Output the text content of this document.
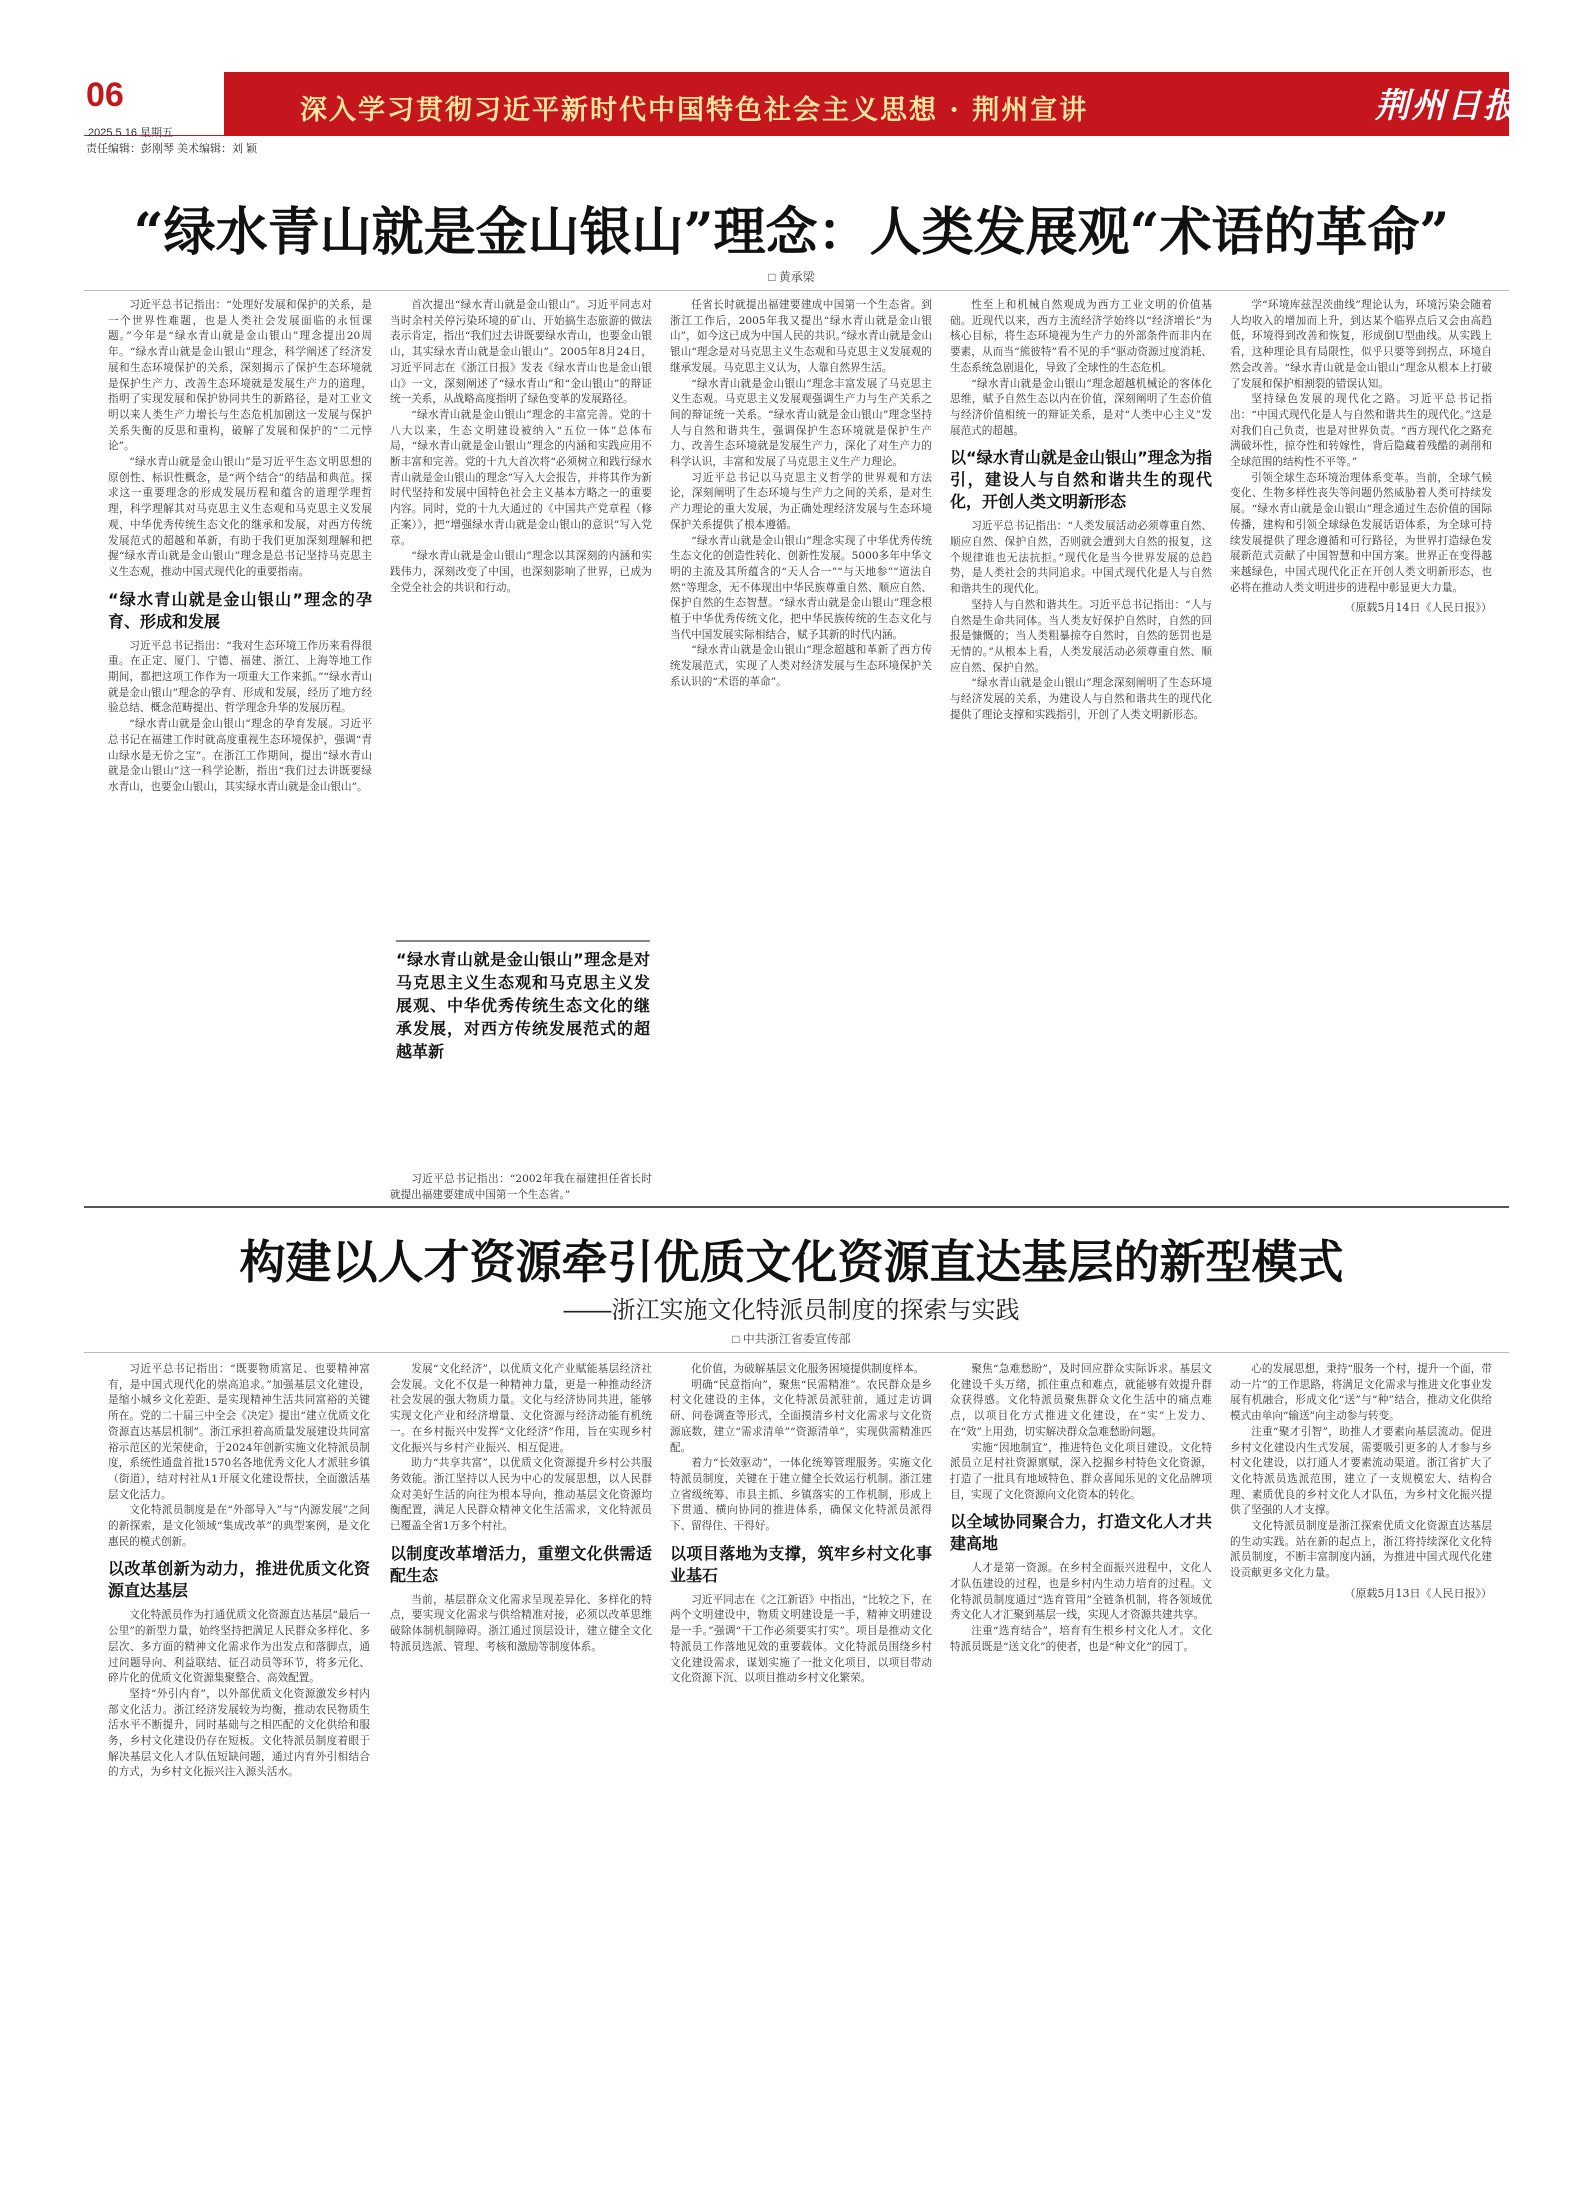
06
2025.5.16 星期五
深入学习贯彻习近平新时代中国特色社会主义思想 · 荆州宣讲	荆州日报
责任编辑：彭刚琴 美术编辑：刘 颖
“绿水青山就是金山银山”理念：人类发展观“术语的革命”
□ 黄承梁

习近平总书记指出：“处理好发展和保护的关系，是一个世界性难题，也是人类社会发展面临的永恒课题。”今年是“绿水青山就是金山银山”理念提出20周年。“绿水青山就是金山银山”理念，科学阐述了经济发展和生态环境保护的关系，深刻揭示了保护生态环境就是保护生产力、改善生态环境就是发展生产力的道理，指明了实现发展和保护协同共生的新路径，是对工业文明以来人类生产力增长与生态危机加剧这一发展与保护关系失衡的反思和重构，破解了发展和保护的“二元悖论”。

“绿水青山就是金山银山”是习近平生态文明思想的原创性、标识性概念，是“两个结合”的结晶和典范。探求这一重要理念的形成发展历程和蕴含的道理学理哲理，科学理解其对马克思主义生态观和马克思主义发展观、中华优秀传统生态文化的继承和发展，对西方传统发展范式的超越和革新，有助于我们更加深刻理解和把握“绿水青山就是金山银山”理念是总书记坚持马克思主义生态观，推动中国式现代化的重要指南。

“绿水青山就是金山银山”理念的孕育、形成和发展

习近平总书记指出：“我对生态环境工作历来看得很重。在正定、厦门、宁德、福建、浙江、上海等地工作期间，都把这项工作作为一项重大工作来抓。”“绿水青山就是金山银山”理念的孕育、形成和发展，经历了地方经验总结、概念范畴提出、哲学理念升华的发展历程。

“绿水青山就是金山银山”理念的孕育发展。习近平总书记在福建工作时就高度重视生态环境保护，强调“青山绿水是无价之宝”。在浙江工作期间，提出“绿水青山就是金山银山”这一科学论断，指出“我们过去讲既要绿水青山，也要金山银山，其实绿水青山就是金山银山”。

首次提出“绿水青山就是金山银山”。习近平同志对当时余村关停污染环境的矿山、开始搞生态旅游的做法表示肯定，指出“我们过去讲既要绿水青山，也要金山银山，其实绿水青山就是金山银山”。2005年8月24日，习近平同志在《浙江日报》发表《绿水青山也是金山银山》一文，深刻阐述了“绿水青山”和“金山银山”的辩证统一关系，从战略高度指明了绿色变革的发展路径。

“绿水青山就是金山银山”理念的丰富完善。党的十八大以来，生态文明建设被纳入“五位一体”总体布局，“绿水青山就是金山银山”理念的内涵和实践应用不断丰富和完善。党的十九大首次将“必须树立和践行绿水青山就是金山银山的理念”写入大会报告，并将其作为新时代坚持和发展中国特色社会主义基本方略之一的重要内容。同时，党的十九大通过的《中国共产党章程（修正案）》，把“增强绿水青山就是金山银山的意识”写入党章。

“绿水青山就是金山银山”理念以其深刻的内涵和实践伟力，深刻改变了中国，也深刻影响了世界，已成为全党全社会的共识和行动。

“绿水青山就是金山银山”理念是对马克思主义生态观和马克思主义发展观、中华优秀传统生态文化的继承发展，对西方传统发展范式的超越革新

习近平总书记指出：“2002年我在福建担任省长时就提出福建要建成中国第一个生态省。”

任省长时就提出福建要建成中国第一个生态省。到浙江工作后，2005年我又提出“绿水青山就是金山银山”，如今这已成为中国人民的共识。”绿水青山就是金山银山“理念是对马克思主义生态观和马克思主义发展观的继承发展。马克思主义认为，人靠自然界生活。

“绿水青山就是金山银山”理念丰富发展了马克思主义生态观。马克思主义发展观强调生产力与生产关系之间的辩证统一关系。“绿水青山就是金山银山”理念坚持人与自然和谐共生，强调保护生态环境就是保护生产力、改善生态环境就是发展生产力，深化了对生产力的科学认识，丰富和发展了马克思主义生产力理论。

习近平总书记以马克思主义哲学的世界观和方法论，深刻阐明了生态环境与生产力之间的关系，是对生产力理论的重大发展，为正确处理经济发展与生态环境保护关系提供了根本遵循。

“绿水青山就是金山银山”理念实现了中华优秀传统生态文化的创造性转化、创新性发展。5000多年中华文明的主流及其所蕴含的“天人合一”“与天地参”“道法自然”等理念，无不体现出中华民族尊重自然、顺应自然、保护自然的生态智慧。“绿水青山就是金山银山”理念根植于中华优秀传统文化，把中华民族传统的生态文化与当代中国发展实际相结合，赋予其新的时代内涵。

“绿水青山就是金山银山”理念超越和革新了西方传统发展范式，实现了人类对经济发展与生态环境保护关系认识的“术语的革命”。

性至上和机械自然观成为西方工业文明的价值基础。近现代以来，西方主流经济学始终以“经济增长”为核心目标，将生态环境视为生产力的外部条件而非内在要素，从而当“熊彼特”看不见的手”驱动资源过度消耗、生态系统急剧退化，导致了全球性的生态危机。

“绿水青山就是金山银山”理念超越机械论的客体化思维，赋予自然生态以内在价值，深刻阐明了生态价值与经济价值相统一的辩证关系，是对“人类中心主义”发展范式的超越。

以“绿水青山就是金山银山”理念为指引，建设人与自然和谐共生的现代化，开创人类文明新形态

习近平总书记指出：“人类发展活动必须尊重自然、顺应自然、保护自然，否则就会遭到大自然的报复，这个规律谁也无法抗拒。”现代化是当今世界发展的总趋势，是人类社会的共同追求。中国式现代化是人与自然和谐共生的现代化。

坚持人与自然和谐共生。习近平总书记指出：“人与自然是生命共同体。当人类友好保护自然时，自然的回报是慷慨的；当人类粗暴掠夺自然时，自然的惩罚也是无情的。”从根本上看，人类发展活动必须尊重自然、顺应自然、保护自然。

“绿水青山就是金山银山”理念深刻阐明了生态环境与经济发展的关系，为建设人与自然和谐共生的现代化提供了理论支撑和实践指引，开创了人类文明新形态。

学“环境库兹涅茨曲线”理论认为，环境污染会随着人均收入的增加而上升，到达某个临界点后又会由高趋低，环境得到改善和恢复，形成倒U型曲线。从实践上看，这种理论具有局限性，似乎只要等到拐点，环境自然会改善。“绿水青山就是金山银山”理念从根本上打破了发展和保护相割裂的错误认知。

坚持绿色发展的现代化之路。习近平总书记指出：“中国式现代化是人与自然和谐共生的现代化。”这是对我们自己负责，也是对世界负责。“西方现代化之路充满破坏性，掠夺性和转嫁性，背后隐藏着残酷的剥削和全球范围的结构性不平等。”

引领全球生态环境治理体系变革。当前，全球气候变化、生物多样性丧失等问题仍然威胁着人类可持续发展。“绿水青山就是金山银山”理念通过生态价值的国际传播，建构和引领全球绿色发展话语体系，为全球可持续发展提供了理念遵循和可行路径，为世界打造绿色发展新范式贡献了中国智慧和中国方案。世界正在变得越来越绿色，中国式现代化正在开创人类文明新形态，也必将在推动人类文明进步的进程中彰显更大力量。

（原载5月14日《人民日报》）

构建以人才资源牵引优质文化资源直达基层的新型模式
——浙江实施文化特派员制度的探索与实践
□ 中共浙江省委宣传部

习近平总书记指出：“既要物质富足、也要精神富有，是中国式现代化的崇高追求。”加强基层文化建设，是缩小城乡文化差距、是实现精神生活共同富裕的关键所在。党的二十届三中全会《决定》提出“建立优质文化资源直达基层机制”。浙江承担着高质量发展建设共同富裕示范区的光荣使命，于2024年创新实施文化特派员制度，系统性通盘首批1570名各地优秀文化人才派驻乡镇（街道），结对村社从1开展文化建设帮扶，全面激活基层文化活力。

文化特派员制度是在“外部导入”与“内源发展”之间的新探索，是文化领域“集成改革”的典型案例，是文化惠民的模式创新。

以改革创新为动力，推进优质文化资源直达基层

文化特派员作为打通优质文化资源直达基层“最后一公里”的新型力量，始终坚持把满足人民群众多样化、多层次、多方面的精神文化需求作为出发点和落脚点，通过问题导向、利益联结、征召动员等环节，将多元化、碎片化的优质文化资源集聚整合、高效配置。

坚持“外引内育”，以外部优质文化资源激发乡村内部文化活力。浙江经济发展较为均衡，推动农民物质生活水平不断提升，同时基础与之相匹配的文化供给和服务，乡村文化建设仍存在短板。文化特派员制度着眼于解决基层文化人才队伍短缺问题，通过内育外引相结合的方式，为乡村文化振兴注入源头活水。

发展“文化经济”，以优质文化产业赋能基层经济社会发展。文化不仅是一种精神力量，更是一种推动经济社会发展的强大物质力量。文化与经济协同共进，能够实现文化产业和经济增量、文化资源与经济动能有机统一。在乡村振兴中发挥“文化经济”作用，旨在实现乡村文化振兴与乡村产业振兴、相互促进。

助力“共享共富”，以优质文化资源提升乡村公共服务效能。浙江坚持以人民为中心的发展思想，以人民群众对美好生活的向往为根本导向，推动基层文化资源均衡配置，满足人民群众精神文化生活需求，文化特派员已覆盖全省1万多个村社。

以制度改革增活力，重塑文化供需适配生态

当前，基层群众文化需求呈现差异化、多样化的特点，要实现文化需求与供给精准对接，必须以改革思维破除体制机制障碍。浙江通过顶层设计，建立健全文化特派员选派、管理、考核和激励等制度体系。

化价值，为破解基层文化服务困境提供制度样本。

明确“民意指向”，聚焦“民需精准”。农民群众是乡村文化建设的主体，文化特派员派驻前，通过走访调研、问卷调查等形式，全面摸清乡村文化需求与文化资源底数，建立“需求清单”“资源清单”，实现供需精准匹配。

着力“长效驱动”，一体化统筹管理服务。实施文化特派员制度，关键在于建立健全长效运行机制。浙江建立省级统筹、市县主抓、乡镇落实的工作机制，形成上下贯通、横向协同的推进体系，确保文化特派员派得下、留得住、干得好。

以项目落地为支撑，筑牢乡村文化事业基石

习近平同志在《之江新语》中指出，“比较之下，在两个文明建设中，物质文明建设是一手，精神文明建设是一手。”强调“干工作必须要实打实”。项目是推动文化特派员工作落地见效的重要载体。文化特派员围绕乡村文化建设需求，谋划实施了一批文化项目，以项目带动文化资源下沉、以项目推动乡村文化繁荣。

聚焦“急难愁盼”，及时回应群众实际诉求。基层文化建设千头万绪，抓住重点和难点，就能够有效提升群众获得感。文化特派员聚焦群众文化生活中的痛点难点，以项目化方式推进文化建设，在“实”上发力、在“效”上用劲，切实解决群众急难愁盼问题。

实施“因地制宜”，推进特色文化项目建设。文化特派员立足村社资源禀赋，深入挖掘乡村特色文化资源，打造了一批具有地域特色、群众喜闻乐见的文化品牌项目，实现了文化资源向文化资本的转化。

以全域协同聚合力，打造文化人才共建高地

人才是第一资源。在乡村全面振兴进程中，文化人才队伍建设的过程，也是乡村内生动力培育的过程。文化特派员制度通过“选育管用”全链条机制，将各领域优秀文化人才汇聚到基层一线，实现人才资源共建共享。

注重“选育结合”，培育有生根乡村文化人才。文化特派员既是“送文化”的使者，也是“种文化”的园丁。

心的发展思想，秉持“服务一个村，提升一个面，带动一片”的工作思路，将满足文化需求与推进文化事业发展有机融合，形成文化“送”与“种”结合，推动文化供给模式由单向“输送”向主动参与转变。

注重“聚才引智”，助推人才要素向基层流动。促进乡村文化建设内生式发展，需要吸引更多的人才参与乡村文化建设，以打通人才要素流动渠道。浙江省扩大了文化特派员选派范围，建立了一支规模宏大、结构合理、素质优良的乡村文化人才队伍，为乡村文化振兴提供了坚强的人才支撑。

文化特派员制度是浙江探索优质文化资源直达基层的生动实践。站在新的起点上，浙江将持续深化文化特派员制度，不断丰富制度内涵，为推进中国式现代化建设贡献更多文化力量。

（原载5月13日《人民日报》）
